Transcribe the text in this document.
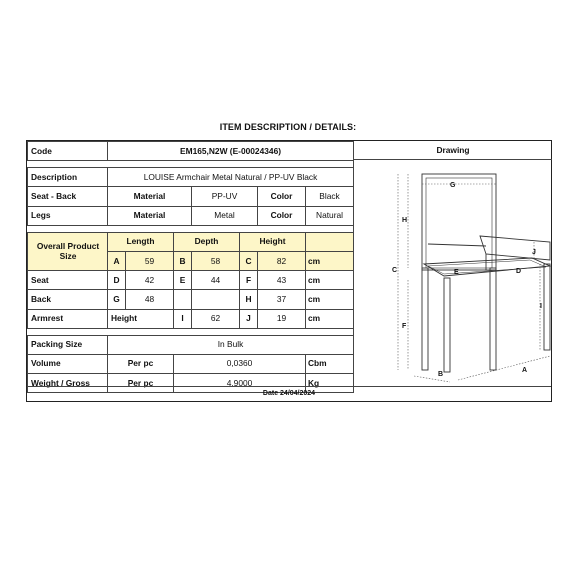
ITEM DESCRIPTION / DETAILS:
Code	EM165,N2W (E-00024346)						

Description	LOUISE Armchair Metal Natural / PP-UV Black						
Seat - Back	Material			PP-UV		Color	Black
Legs	Material			Metal		Color	Natural

Overall Product Size	Length		Depth		Height		
	A	59	B	58	C	82	cm
Seat	D	42	E	44	F	43	cm
Back	G	48			H	37	cm
Armrest	Height		I	62	J	19	cm

Packing Size	In Bulk						
Volume	Per pc		0,0360				Cbm
Weight / Gross	Per pc		4,9000				Kg
Drawing
G
H
C
F
E	D
J
I
B
A
Date 24/04/2024
